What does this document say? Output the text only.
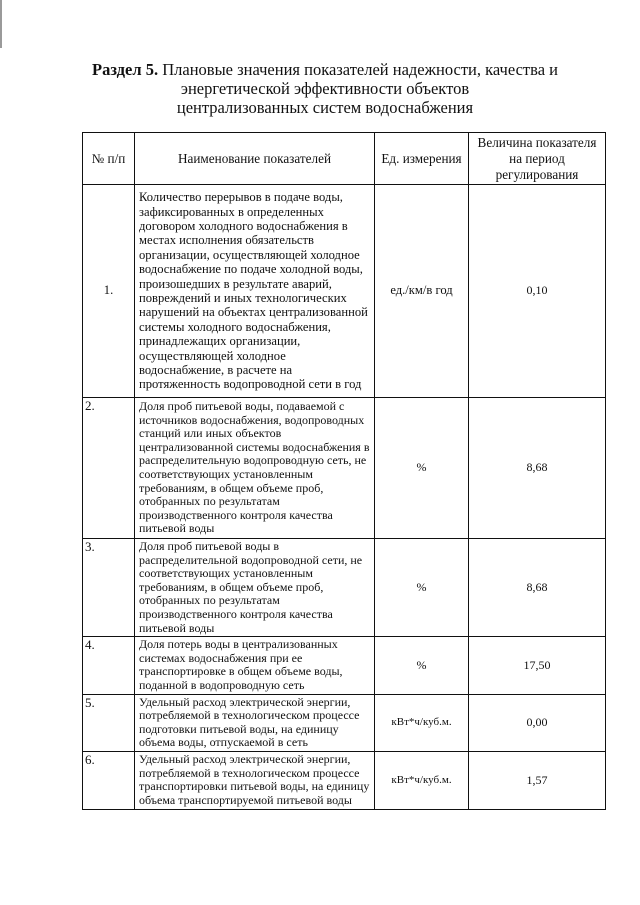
Раздел 5. Плановые значения показателей надежности, качества и
энергетической эффективности объектов
централизованных систем водоснабжения
№ п/п	Наименование показателей	Ед. измерения	Величина показателя на период регулирования
1.	Количество перерывов в подаче воды, зафиксированных в определенных договором холодного водоснабжения в местах исполнения обязательств организации, осуществляющей холодное водоснабжение по подаче холодной воды, произошедших в результате аварий, повреждений и иных технологических нарушений на объектах централизованной системы холодного водоснабжения, принадлежащих организации, осуществляющей холодное водоснабжение, в расчете на протяженность водопроводной сети в год	ед./км/в год	0,10
2.	Доля проб питьевой воды, подаваемой с источников водоснабжения, водопроводных станций или иных объектов централизованной системы водоснабжения в распределительную водопроводную сеть, не соответствующих установленным требованиям, в общем объеме проб, отобранных по результатам производственного контроля качества питьевой воды	%	8,68
3.	Доля проб питьевой воды в распределительной водопроводной сети, не соответствующих установленным требованиям, в общем объеме проб, отобранных по результатам производственного контроля качества питьевой воды	%	8,68
4.	Доля потерь воды в централизованных системах водоснабжения при ее транспортировке в общем объеме воды, поданной в водопроводную сеть	%	17,50
5.	Удельный расход электрической энергии, потребляемой в технологическом процессе подготовки питьевой воды, на единицу объема воды, отпускаемой в сеть	кВт*ч/куб.м.	0,00
6.	Удельный расход электрической энергии, потребляемой в технологическом процессе транспортировки питьевой воды, на единицу объема транспортируемой питьевой воды	кВт*ч/куб.м.	1,57
